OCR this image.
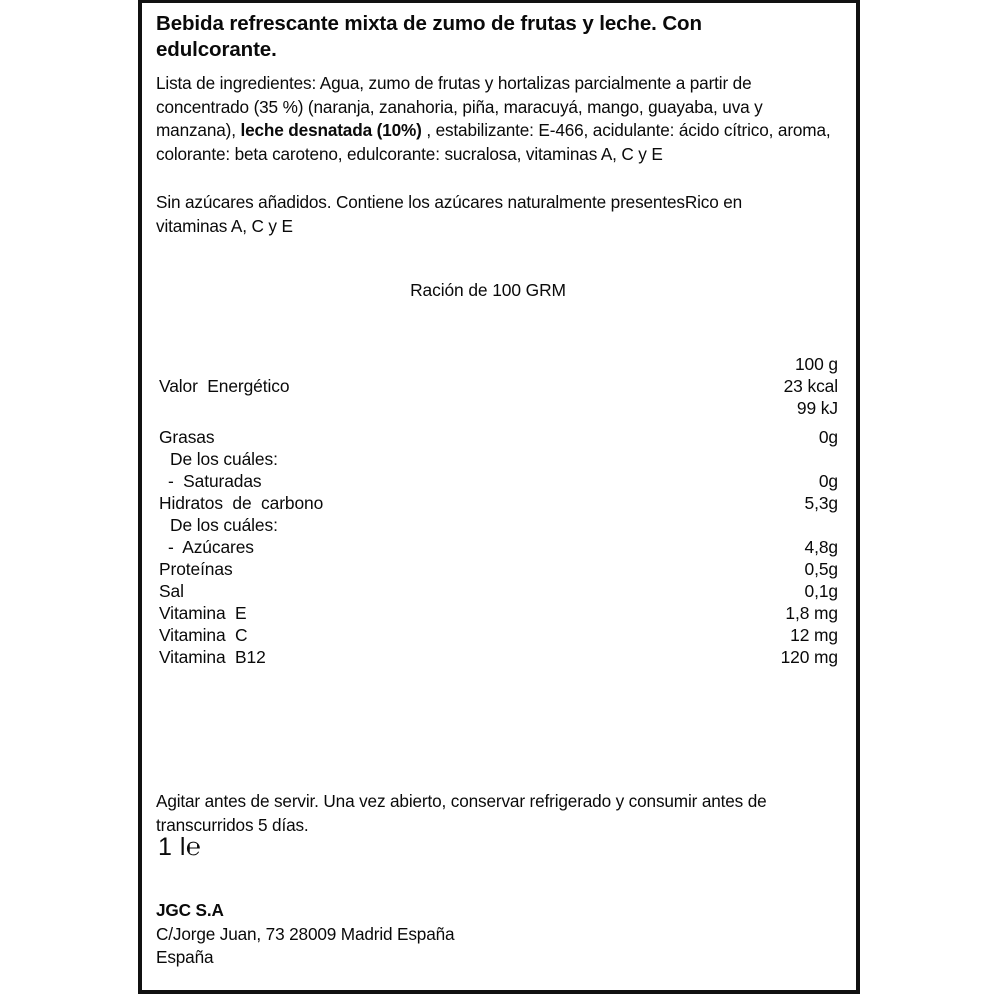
Bebida refrescante mixta de zumo de frutas y leche. Con edulcorante.

Lista de ingredientes: Agua, zumo de frutas y hortalizas parcialmente a partir de concentrado (35 %) (naranja, zanahoria, piña, maracuyá, mango, guayaba, uva y manzana), leche desnatada (10%) , estabilizante: E-466, acidulante: ácido cítrico, aroma, colorante: beta caroteno, edulcorante: sucralosa, vitaminas A, C y E

Sin azúcares añadidos. Contiene los azúcares naturalmente presentesRico en vitaminas A, C y E

Ración de 100 GRM
	100 g
Valor  Energético	23 kcal
	99 kJ
Grasas	0g
De los cuáles:	
-  Saturadas	0g
Hidratos  de  carbono	5,3g
De los cuáles:	
-  Azúcares	4,8g
Proteínas	0,5g
Sal	0,1g
Vitamina  E	1,8 mg
Vitamina  C	12 mg
Vitamina  B12	120 mg
Agitar antes de servir. Una vez abierto, conservar refrigerado y consumir antes de transcurridos 5 días.
1 l℮
JGC S.A
C/Jorge Juan, 73 28009 Madrid España
España
